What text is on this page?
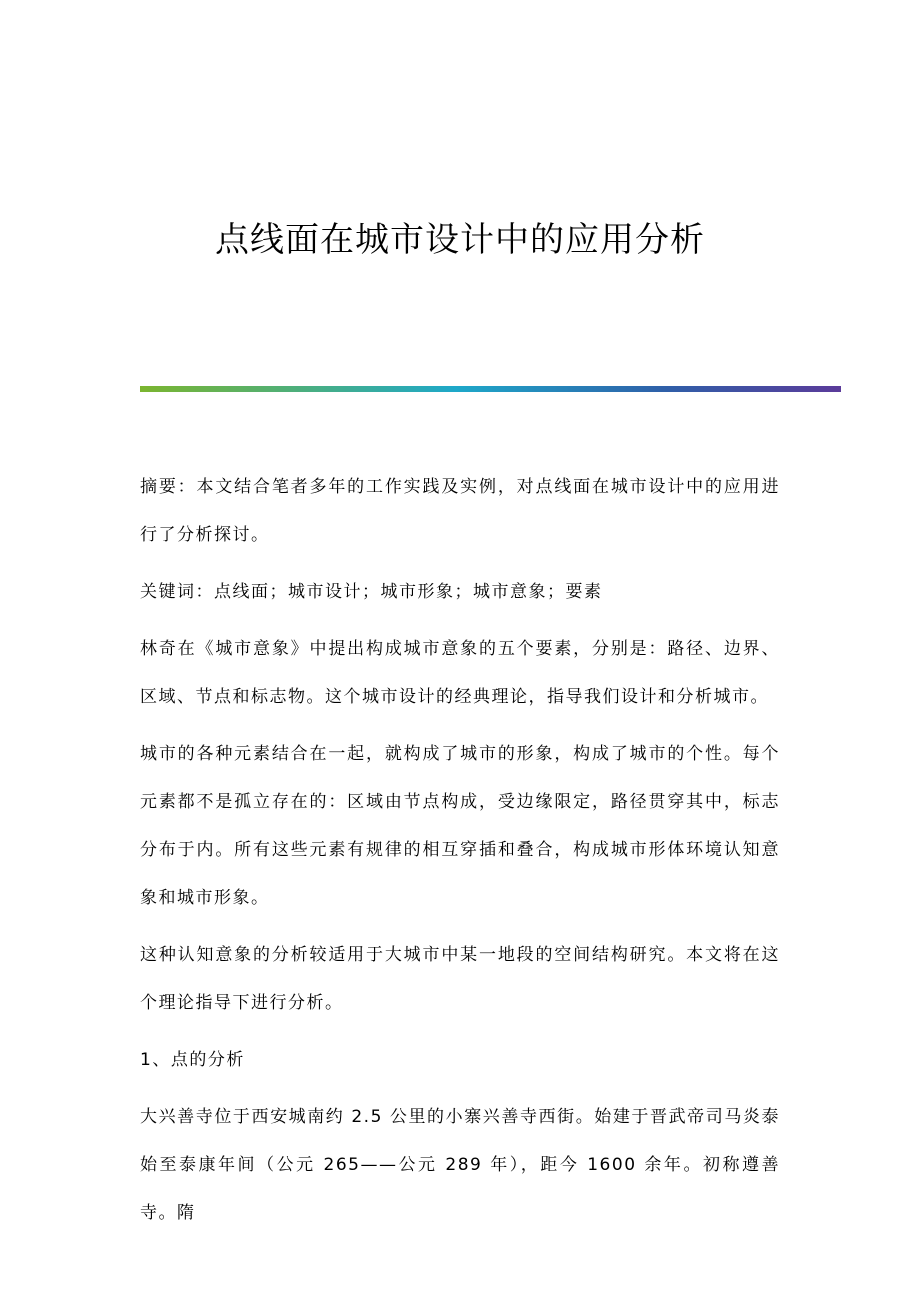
点线面在城市设计中的应用分析

摘要：本文结合笔者多年的工作实践及实例，对点线面在城市设计中的应用进行了分析探讨。

关键词：点线面；城市设计；城市形象；城市意象；要素

林奇在《城市意象》中提出构成城市意象的五个要素，分别是：路径、边界、区域、节点和标志物。这个城市设计的经典理论，指导我们设计和分析城市。

城市的各种元素结合在一起，就构成了城市的形象，构成了城市的个性。每个元素都不是孤立存在的：区域由节点构成，受边缘限定，路径贯穿其中，标志分布于内。所有这些元素有规律的相互穿插和叠合，构成城市形体环境认知意象和城市形象。

这种认知意象的分析较适用于大城市中某一地段的空间结构研究。本文将在这个理论指导下进行分析。

1、点的分析

大兴善寺位于西安城南约 2.5 公里的小寨兴善寺西街。始建于晋武帝司马炎泰始至泰康年间（公元 265——公元 289 年），距今 1600 余年。初称遵善寺。隋
